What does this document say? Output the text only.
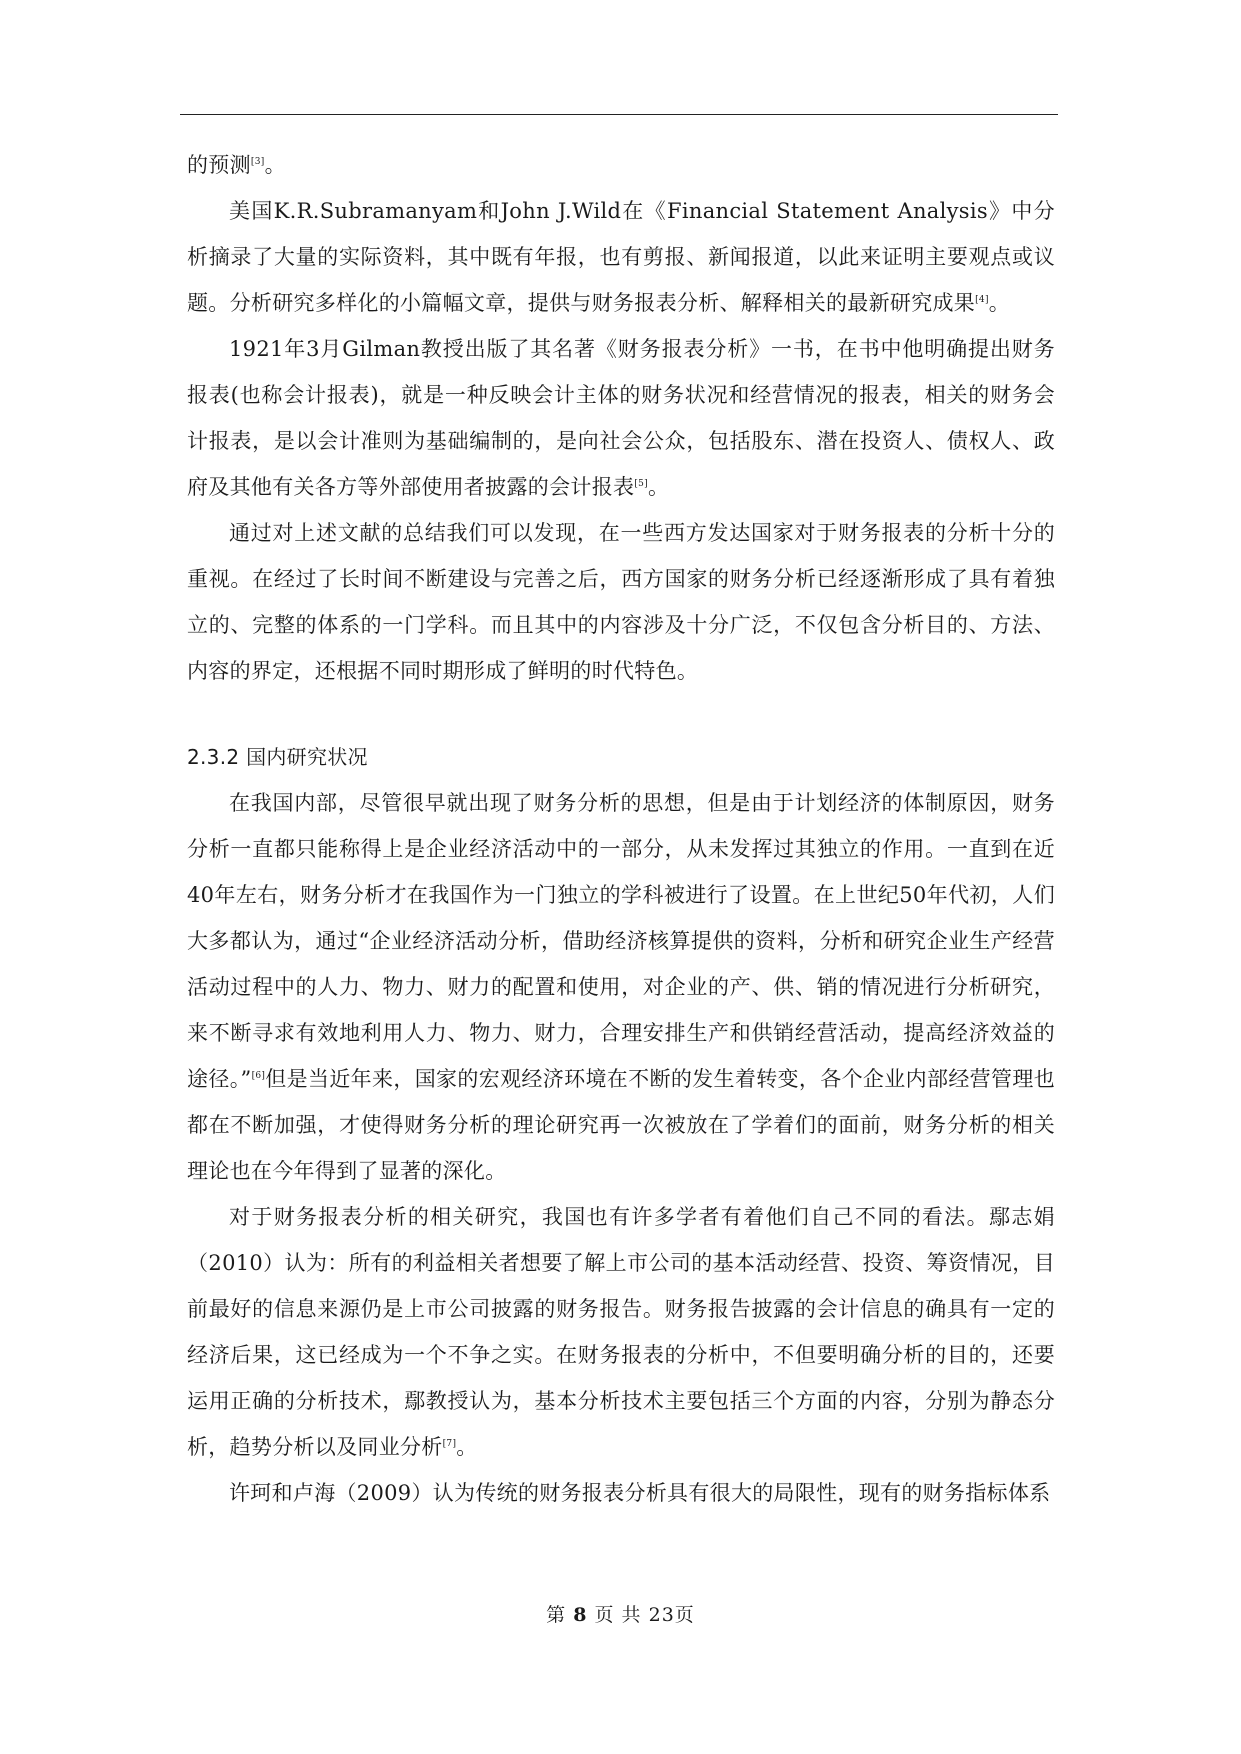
的预测[3]。

美国K.R.Subramanyam和John J.Wild在《Financial Statement Analysis》中分析摘录了大量的实际资料，其中既有年报，也有剪报、新闻报道，以此来证明主要观点或议题。分析研究多样化的小篇幅文章，提供与财务报表分析、解释相关的最新研究成果[4]。

1921年3月Gilman教授出版了其名著《财务报表分析》一书，在书中他明确提出财务报表(也称会计报表)，就是一种反映会计主体的财务状况和经营情况的报表，相关的财务会计报表，是以会计准则为基础编制的，是向社会公众，包括股东、潜在投资人、债权人、政府及其他有关各方等外部使用者披露的会计报表[5]。

通过对上述文献的总结我们可以发现，在一些西方发达国家对于财务报表的分析十分的重视。在经过了长时间不断建设与完善之后，西方国家的财务分析已经逐渐形成了具有着独立的、完整的体系的一门学科。而且其中的内容涉及十分广泛，不仅包含分析目的、方法、内容的界定，还根据不同时期形成了鲜明的时代特色。

2.3.2 国内研究状况

在我国内部，尽管很早就出现了财务分析的思想，但是由于计划经济的体制原因，财务分析一直都只能称得上是企业经济活动中的一部分，从未发挥过其独立的作用。一直到在近40年左右，财务分析才在我国作为一门独立的学科被进行了设置。在上世纪50年代初，人们大多都认为，通过“企业经济活动分析，借助经济核算提供的资料，分析和研究企业生产经营活动过程中的人力、物力、财力的配置和使用，对企业的产、供、销的情况进行分析研究，来不断寻求有效地利用人力、物力、财力，合理安排生产和供销经营活动，提高经济效益的途径。”[6]但是当近年来，国家的宏观经济环境在不断的发生着转变，各个企业内部经营管理也都在不断加强，才使得财务分析的理论研究再一次被放在了学着们的面前，财务分析的相关理论也在今年得到了显著的深化。

对于财务报表分析的相关研究，我国也有许多学者有着他们自己不同的看法。鄢志娟（2010）认为：所有的利益相关者想要了解上市公司的基本活动经营、投资、筹资情况，目前最好的信息来源仍是上市公司披露的财务报告。财务报告披露的会计信息的确具有一定的经济后果，这已经成为一个不争之实。在财务报表的分析中，不但要明确分析的目的，还要运用正确的分析技术，鄢教授认为，基本分析技术主要包括三个方面的内容，分别为静态分析，趋势分析以及同业分析[7]。

许珂和卢海（2009）认为传统的财务报表分析具有很大的局限性，现有的财务指标体系

第 8 页 共 23页
